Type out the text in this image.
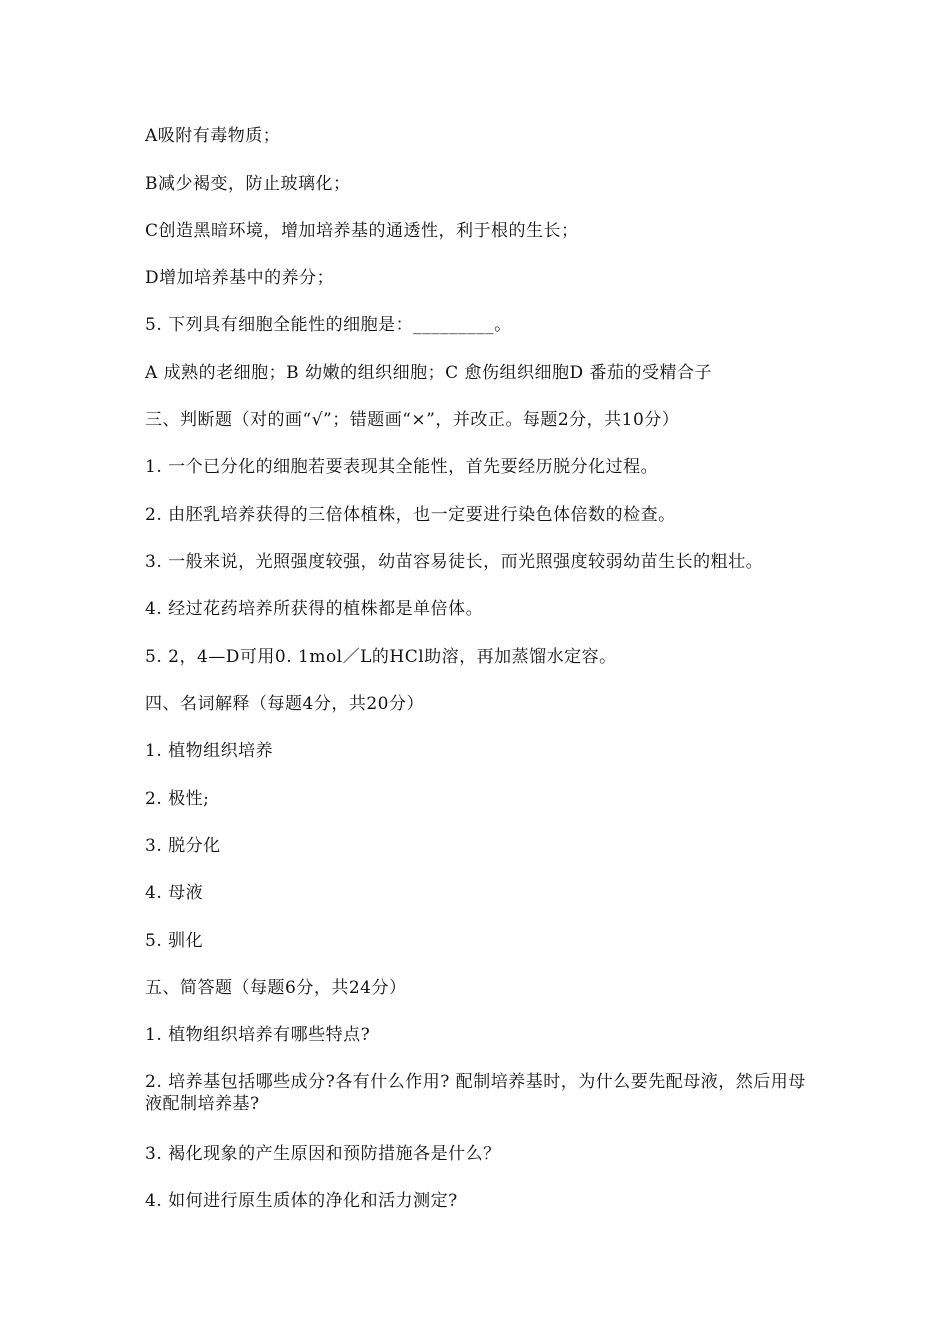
A吸附有毒物质；
B减少褐变，防止玻璃化；
C创造黑暗环境，增加培养基的通透性，利于根的生长；
D增加培养基中的养分；
5. 下列具有细胞全能性的细胞是：_________。
A 成熟的老细胞；B 幼嫩的组织细胞；C 愈伤组织细胞D 番茄的受精合子
三、判断题（对的画“√”；错题画“×”，并改正。每题2分，共10分）
1. 一个已分化的细胞若要表现其全能性，首先要经历脱分化过程。
2. 由胚乳培养获得的三倍体植株，也一定要进行染色体倍数的检查。
3. 一般来说，光照强度较强，幼苗容易徒长，而光照强度较弱幼苗生长的粗壮。
4. 经过花药培养所获得的植株都是单倍体。
5. 2，4—D可用0. 1mol／L的HCl助溶，再加蒸馏水定容。
四、名词解释（每题4分，共20分）
1. 植物组织培养
2. 极性;
3. 脱分化
4. 母液
5. 驯化
五、简答题（每题6分，共24分）
1. 植物组织培养有哪些特点?
2. 培养基包括哪些成分?各有什么作用? 配制培养基时，为什么要先配母液，然后用母液配制培养基?
3. 褐化现象的产生原因和预防措施各是什么？
4. 如何进行原生质体的净化和活力测定?
